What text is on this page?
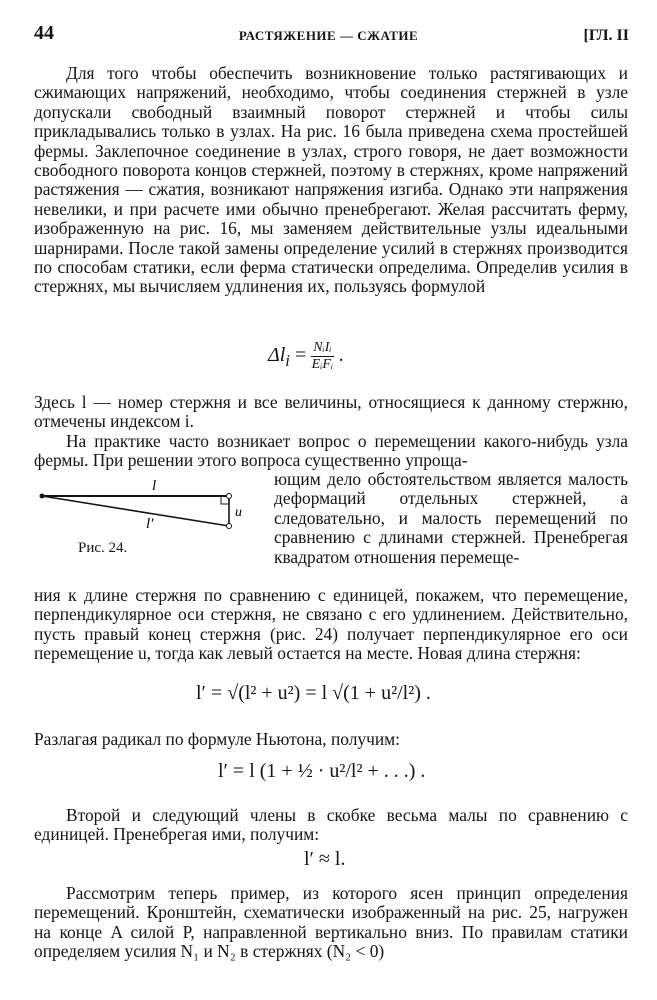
44	РАСТЯЖЕНИЕ — СЖАТИЕ	[ГЛ. II

Для того чтобы обеспечить возникновение только растягивающих и сжимающих напряжений, необходимо, чтобы соединения стержней в узле допускали свободный взаимный поворот стержней и чтобы силы прикладывались только в узлах. На рис. 16 была приведена схема простейшей фермы. Заклепочное соединение в узлах, строго говоря, не дает возможности свободного поворота концов стержней, поэтому в стержнях, кроме напряжений растяжения — сжатия, возникают напряжения изгиба. Однако эти напряжения невелики, и при расчете ими обычно пренебрегают. Желая рассчитать ферму, изображенную на рис. 16, мы заменяем действительные узлы идеальными шарнирами. После такой замены определение усилий в стержнях производится по способам статики, если ферма статически определима. Определив усилия в стержнях, мы вычисляем удлинения их, пользуясь формулой

$\Delta l_i = \frac{\text{NᵢIᵢ}}{\text{EᵢFᵢ}}$ .

Здесь l — номер стержня и все величины, относящиеся к данному стержню, отмечены индексом i.

На практике часто возникает вопрос о перемещении какого-нибудь узла фермы. При решении этого вопроса существенно упроща-

l
l′
u
Рис. 24.

ющим дело обстоятельством является малость деформаций отдельных стержней, а следовательно, и малость перемещений по сравнению с длинами стержней. Пренебрегая квадратом отношения перемеще-

ния к длине стержня по сравнению с единицей, покажем, что перемещение, перпендикулярное оси стержня, не связано с его удлинением. Действительно, пусть правый конец стержня (рис. 24) получает перпендикулярное его оси перемещение u, тогда как левый остается на месте. Новая длина стержня:

l′ = √(l² + u²) = l √(1 + u²/l²) .

Разлагая радикал по формуле Ньютона, получим:

l′ = l (1 + ½ · u²/l² + . . .) .

Второй и следующий члены в скобке весьма малы по сравнению с единицей. Пренебрегая ими, получим:

l′ ≈ l.

Рассмотрим теперь пример, из которого ясен принцип определения перемещений. Кронштейн, схематически изображенный на рис. 25, нагружен на конце A силой P, направленной вертикально вниз. По правилам статики определяем усилия N₁ и N₂ в стержнях (N₂ < 0)
